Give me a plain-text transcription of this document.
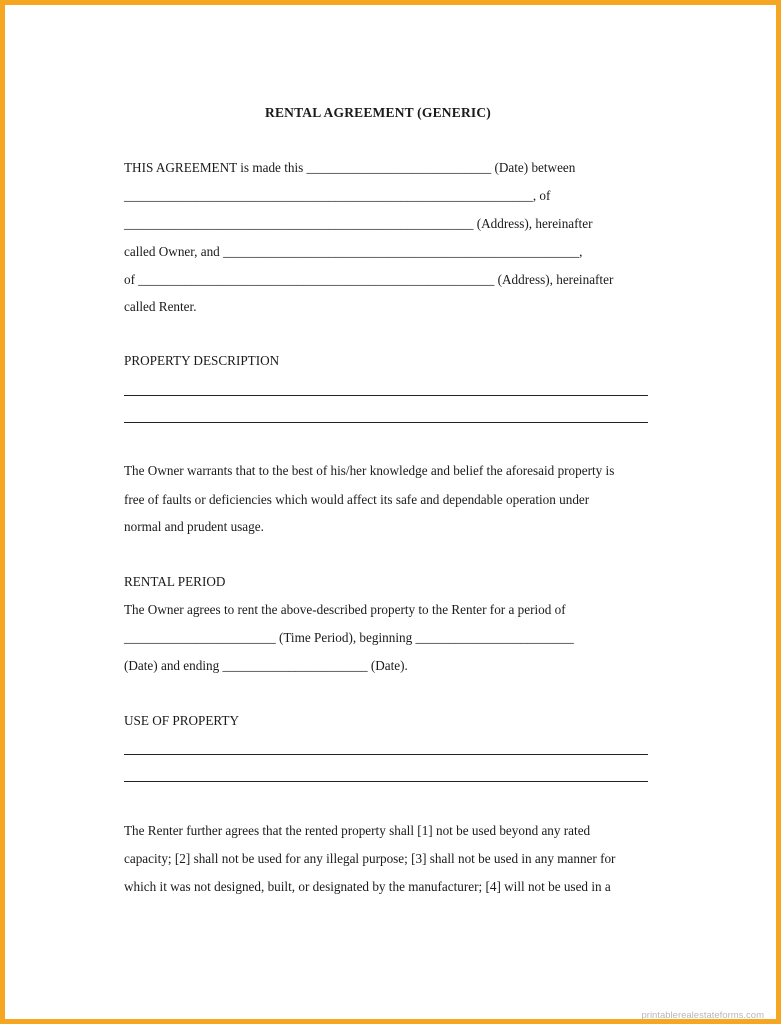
RENTAL AGREEMENT (GENERIC)
THIS AGREEMENT is made this ____________________________ (Date) between
______________________________________________________________, of
_____________________________________________________ (Address), hereinafter
called Owner, and ______________________________________________________,
of ______________________________________________________ (Address), hereinafter
called Renter.
PROPERTY DESCRIPTION
The Owner warrants that to the best of his/her knowledge and belief the aforesaid property is
free of faults or deficiencies which would affect its safe and dependable operation under
normal and prudent usage.
RENTAL PERIOD
The Owner agrees to rent the above-described property to the Renter for a period of
_______________________ (Time Period), beginning ________________________
(Date) and ending ______________________ (Date).
USE OF PROPERTY
The Renter further agrees that the rented property shall [1] not be used beyond any rated
capacity; [2] shall not be used for any illegal purpose; [3] shall not be used in any manner for
which it was not designed, built, or designated by the manufacturer; [4] will not be used in a
printablerealestateforms.com
